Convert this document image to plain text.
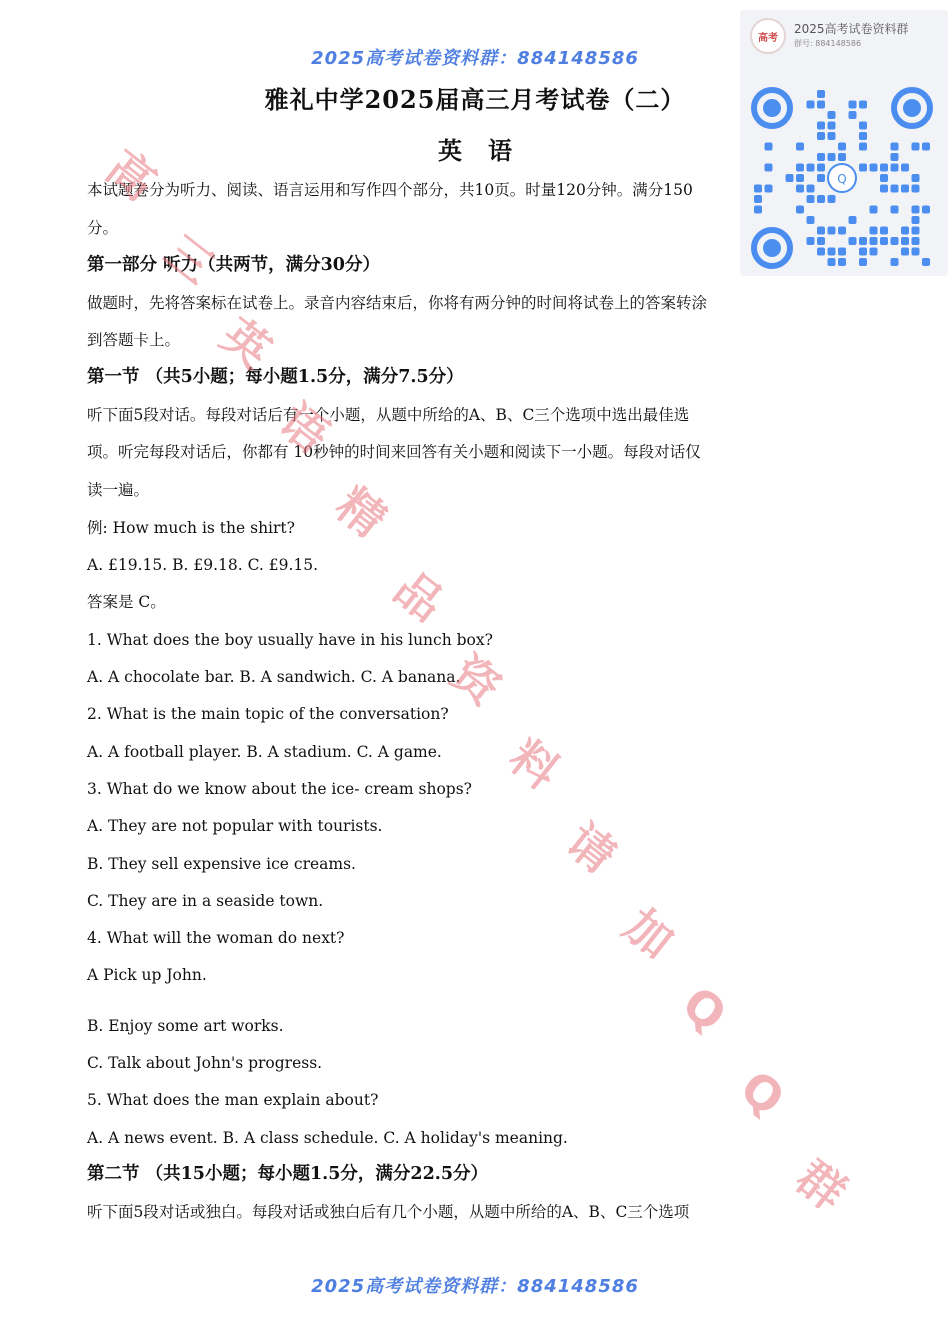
2025高考试卷资料群：884148586
高考
2025高考试卷资料群
群号: 884148586
Q
雅礼中学2025届高三月考试卷（二）
英语
本试题卷分为听力、阅读、语言运用和写作四个部分，共10页。时量120分钟。满分150
分。
第一部分 听力（共两节，满分30分）
做题时，先将答案标在试卷上。录音内容结束后，你将有两分钟的时间将试卷上的答案转涂
到答题卡上。
第一节 （共5小题；每小题1.5分，满分7.5分）
听下面5段对话。每段对话后有一个小题，从题中所给的A、B、C三个选项中选出最佳选
项。听完每段对话后，你都有 10秒钟的时间来回答有关小题和阅读下一小题。每段对话仅
读一遍。
例: How much is the shirt?
A. £19.15. B. £9.18. C. £9.15.
答案是 C。
1. What does the boy usually have in his lunch box?
A. A chocolate bar. B. A sandwich. C. A banana.
2. What is the main topic of the conversation?
A. A football player. B. A stadium. C. A game.
3. What do we know about the ice- cream shops?
A. They are not popular with tourists.
B. They sell expensive ice creams.
C. They are in a seaside town.
4. What will the woman do next?
A Pick up John.
B. Enjoy some art works.
C. Talk about John's progress.
5. What does the man explain about?
A. A news event. B. A class schedule. C. A holiday's meaning.
第二节 （共15小题；每小题1.5分，满分22.5分）
听下面5段对话或独白。每段对话或独白后有几个小题，从题中所给的A、B、C三个选项
2025高考试卷资料群：884148586
高
三
英
语
精
品
资
料
请
加
Q
Q
群
